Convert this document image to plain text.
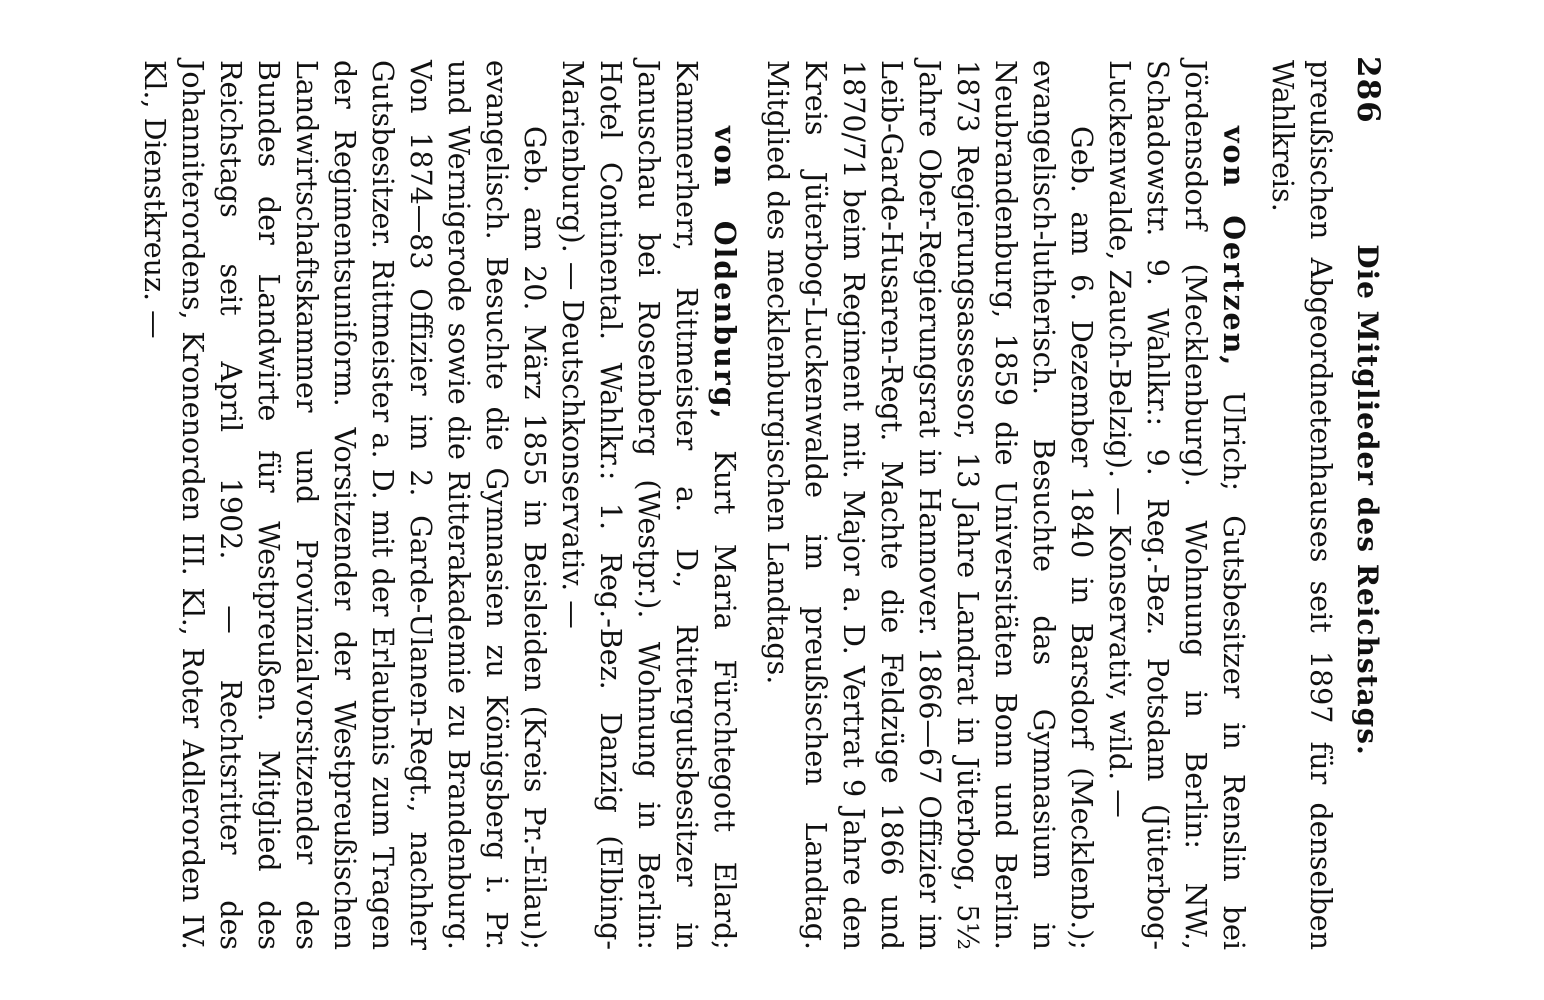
286
Die Mitglieder des Reichstags.

preußischen Abgeordnetenhauses seit 1897 für denselben Wahlkreis.

von Oertzen, Ulrich; Gutsbesitzer in Renslin bei Jördensdorf (Mecklenburg). Wohnung in Berlin: NW., Schadowstr. 9. Wahlkr.: 9. Reg.-Bez. Potsdam (Jüterbog-Luckenwalde, Zauch-Belzig). — Konservativ, wild. —

Geb. am 6. Dezember 1840 in Barsdorf (Mecklenb.); evangelisch-lutherisch. Besuchte das Gymnasium in Neubrandenburg, 1859 die Universitäten Bonn und Berlin. 1873 Regierungsassessor, 13 Jahre Landrat in Jüterbog, 5½ Jahre Ober-Regierungsrat in Hannover. 1866—67 Offizier im Leib-Garde-Husaren-Regt. Machte die Feldzüge 1866 und 1870/71 beim Regiment mit. Major a. D. Vertrat 9 Jahre den Kreis Jüterbog-Luckenwalde im preußischen Landtag. Mitglied des mecklenburgischen Landtags.

von Oldenburg, Kurt Maria Fürchtegott Elard; Kammerherr, Rittmeister a. D., Rittergutsbesitzer in Januschau bei Rosenberg (Westpr.). Wohnung in Berlin: Hotel Continental. Wahlkr.: 1. Reg.-Bez. Danzig (Elbing-Marienburg). — Deutschkonservativ. —

Geb. am 20. März 1855 in Beisleiden (Kreis Pr.-Eilau); evangelisch. Besuchte die Gymnasien zu Königsberg i. Pr. und Wernigerode sowie die Ritterakademie zu Brandenburg. Von 1874—83 Offizier im 2. Garde-Ulanen-Regt., nachher Gutsbesitzer. Rittmeister a. D. mit der Erlaubnis zum Tragen der Regimentsuniform. Vorsitzender der Westpreußischen Landwirtschaftskammer und Provinzialvorsitzender des Bundes der Landwirte für Westpreußen. Mitglied des Reichstags seit April 1902. — Rechtsritter des Johanniterordens, Kronenorden III. Kl., Roter Adlerorden IV. Kl., Dienstkreuz. —
